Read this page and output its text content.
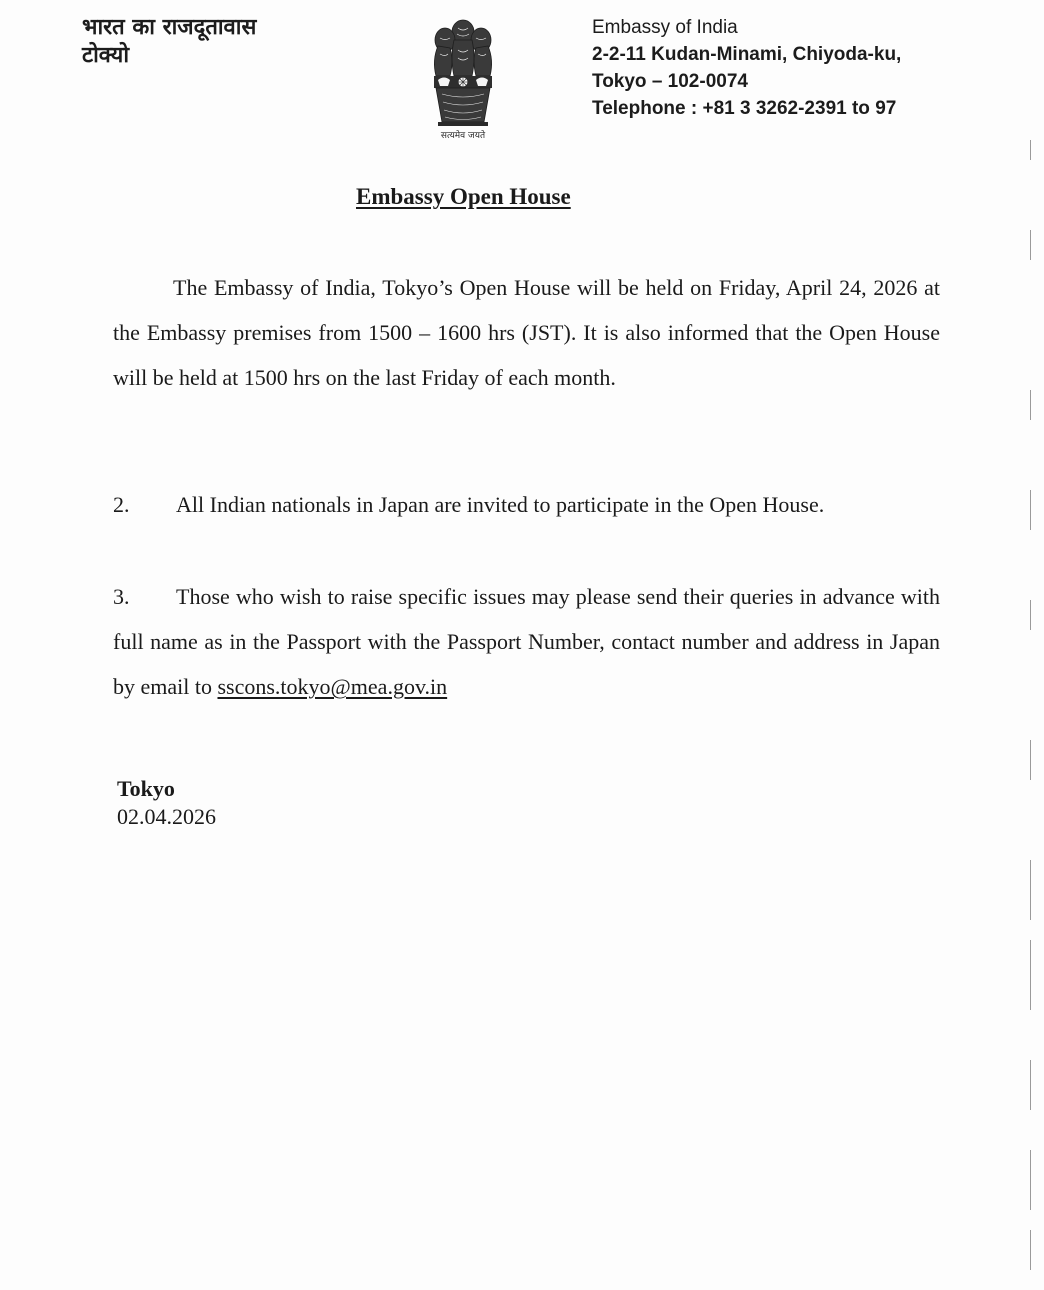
भारत का राजदूतावास
टोक्यो
सत्यमेव जयते
Embassy of India
2-2-11 Kudan-Minami, Chiyoda-ku,
Tokyo – 102-0074
Telephone : +81 3 3262-2391 to 97
Embassy Open House
The Embassy of India, Tokyo’s Open House will be held on Friday, April 24, 2026 at the Embassy premises from 1500 – 1600 hrs (JST). It is also informed that the Open House will be held at 1500 hrs on the last Friday of each month.
2. All Indian nationals in Japan are invited to participate in the Open House.
3. Those who wish to raise specific issues may please send their queries in advance with full name as in the Passport with the Passport Number, contact number and address in Japan by email to sscons.tokyo@mea.gov.in
Tokyo
02.04.2026
